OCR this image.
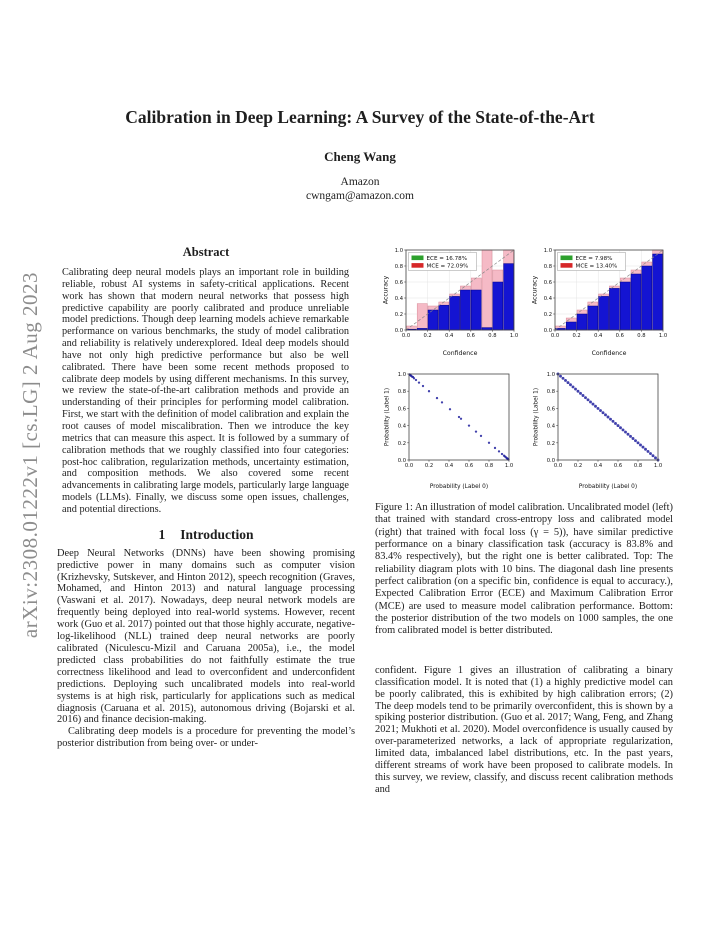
arXiv:2308.01222v1 [cs.LG] 2 Aug 2023
Calibration in Deep Learning: A Survey of the State-of-the-Art
Cheng Wang
Amazon
cwngam@amazon.com
Abstract

Calibrating deep neural models plays an important role in building reliable, robust AI systems in safety-critical applications. Recent work has shown that modern neural networks that possess high predictive capability are poorly calibrated and produce unreliable model predictions. Though deep learning models achieve remarkable performance on various benchmarks, the study of model calibration and reliability is relatively underexplored. Ideal deep models should have not only high predictive performance but also be well calibrated. There have been some recent methods proposed to calibrate deep models by using different mechanisms. In this survey, we review the state-of-the-art calibration methods and provide an understanding of their principles for performing model calibration. First, we start with the definition of model calibration and explain the root causes of model miscalibration. Then we introduce the key metrics that can measure this aspect. It is followed by a summary of calibration methods that we roughly classified into four categories: post-hoc calibration, regularization methods, uncertainty estimation, and composition methods. We also covered some recent advancements in calibrating large models, particularly large language models (LLMs). Finally, we discuss some open issues, challenges, and potential directions.

1 Introduction

Deep Neural Networks (DNNs) have been showing promising predictive power in many domains such as computer vision (Krizhevsky, Sutskever, and Hinton 2012), speech recognition (Graves, Mohamed, and Hinton 2013) and natural language processing (Vaswani et al. 2017). Nowadays, deep neural network models are frequently being deployed into real-world systems. However, recent work (Guo et al. 2017) pointed out that those highly accurate, negative-log-likelihood (NLL) trained deep neural networks are poorly calibrated (Niculescu-Mizil and Caruana 2005a), i.e., the model predicted class probabilities do not faithfully estimate the true correctness likelihood and lead to overconfident and underconfident predictions. Deploying such uncalibrated models into real-world systems is at high risk, particularly for applications such as medical diagnosis (Caruana et al. 2015), autonomous driving (Bojarski et al. 2016) and finance decision-making.

Calibrating deep models is a procedure for preventing the model’s posterior distribution from being over- or under-

0.0	0.2	0.4	0.6	0.8	1.0
0.0
0.2
0.4
0.6
0.8
1.0
Confidence
Accuracy
ECE = 16.78%
MCE = 72.09%
0.0	0.2	0.4	0.6	0.8	1.0
0.0
0.2
0.4
0.6
0.8
1.0
Confidence
Accuracy
ECE = 7.98%
MCE = 13.40%
0.0 0.2 0.4 0.6 0.8 1.0
0.0
0.2
0.4
0.6
0.8
1.0
Probability (Label 0)
Probability (Label 1)
0.0 0.2 0.4 0.6 0.8 1.0
0.0
0.2
0.4
0.6
0.8
1.0
Probability (Label 0)
Probability (Label 1)
Figure 1: An illustration of model calibration. Uncalibrated model (left) that trained with standard cross-entropy loss and calibrated model (right) that trained with focal loss (γ = 5)), have similar predictive performance on a binary classification task (accuracy is 83.8% and 83.4% respectively), but the right one is better calibrated. Top: The reliability diagram plots with 10 bins. The diagonal dash line presents perfect calibration (on a specific bin, confidence is equal to accuracy.), Expected Calibration Error (ECE) and Maximum Calibration Error (MCE) are used to measure model calibration performance. Bottom: the posterior distribution of the two models on 1000 samples, the one from calibrated model is better distributed.

confident. Figure 1 gives an illustration of calibrating a binary classification model. It is noted that (1) a highly predictive model can be poorly calibrated, this is exhibited by high calibration errors; (2) The deep models tend to be primarily overconfident, this is shown by a spiking posterior distribution. (Guo et al. 2017; Wang, Feng, and Zhang 2021; Mukhoti et al. 2020). Model overconfidence is usually caused by over-parameterized networks, a lack of appropriate regularization, limited data, imbalanced label distributions, etc. In the past years, different streams of work have been proposed to calibrate models. In this survey, we review, classify, and discuss recent calibration methods and
